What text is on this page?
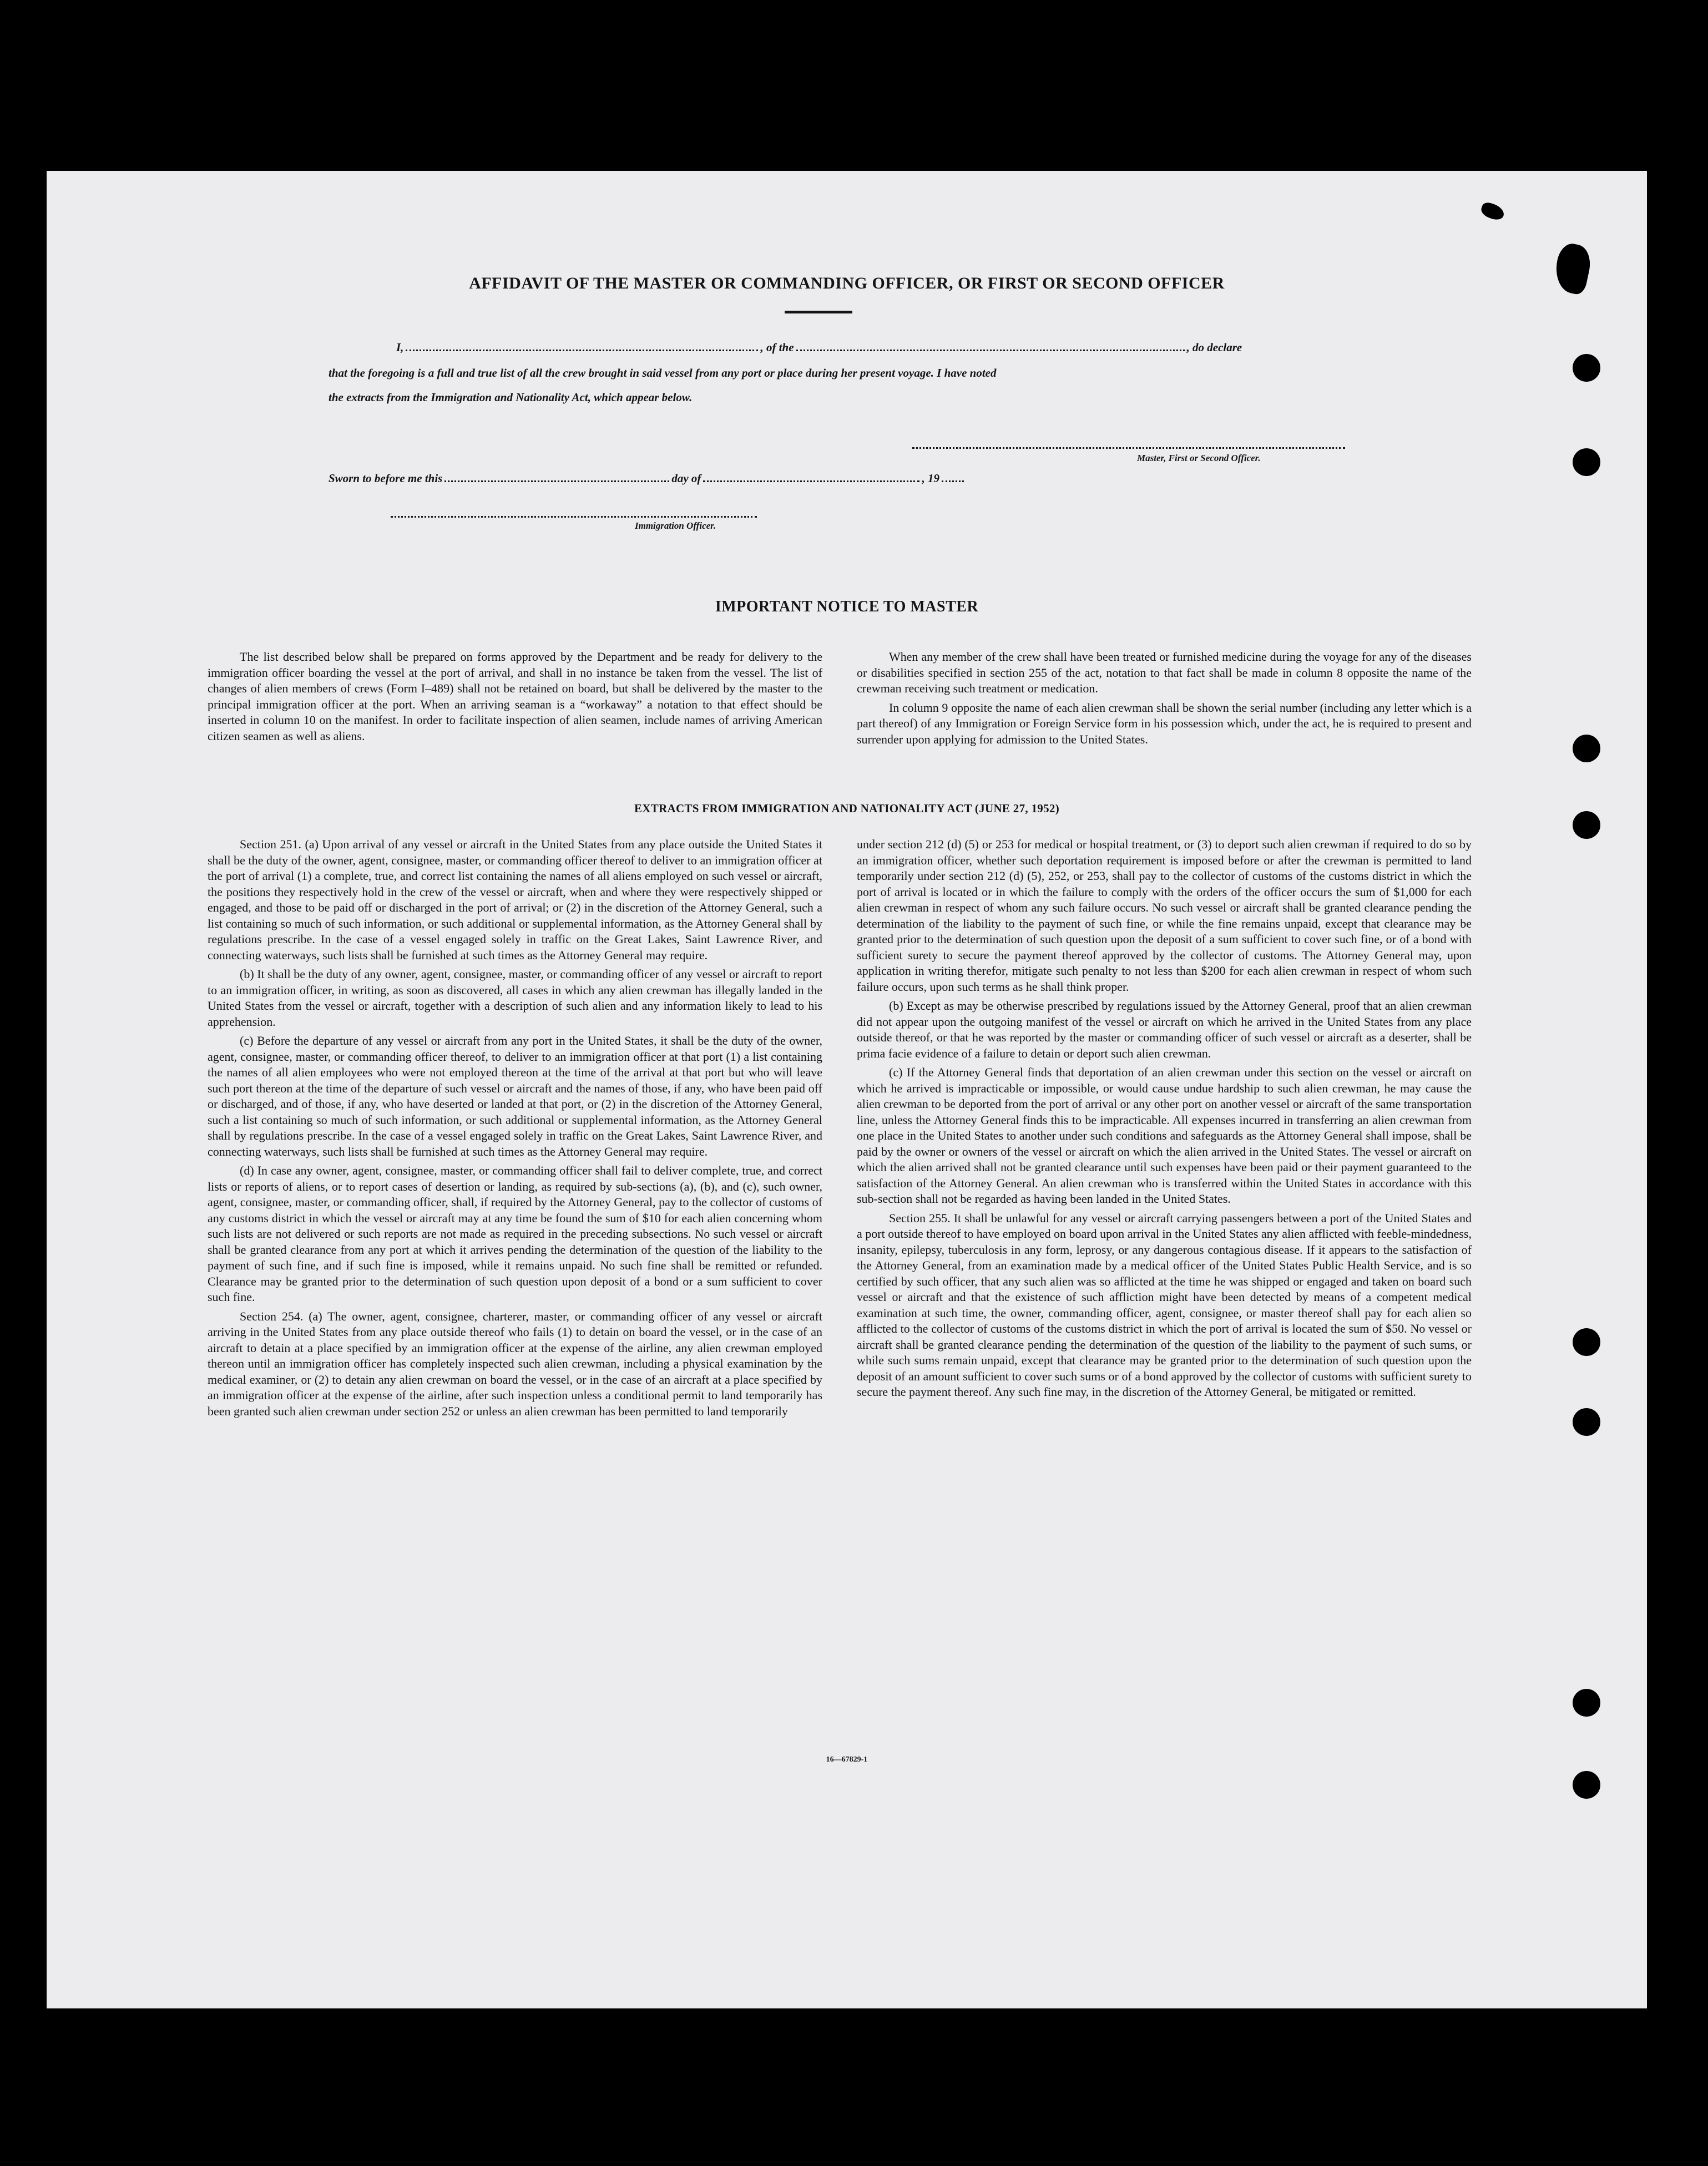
AFFIDAVIT OF THE MASTER OR COMMANDING OFFICER, OR FIRST OR SECOND OFFICER
I,	, of the	, do declare
that the foregoing is a full and true list of all the crew brought in said vessel from any port or place during her present voyage. I have noted
the extracts from the Immigration and Nationality Act, which appear below.
Master, First or Second Officer.
Sworn to before me this	day of	, 19
Immigration Officer.
IMPORTANT NOTICE TO MASTER

The list described below shall be prepared on forms approved by the Department and be ready for delivery to the immigration officer boarding the vessel at the port of arrival, and shall in no instance be taken from the vessel. The list of changes of alien members of crews (Form I–489) shall not be retained on board, but shall be delivered by the master to the principal immigration officer at the port. When an arriving seaman is a “workaway” a notation to that effect should be inserted in column 10 on the manifest. In order to facilitate inspection of alien seamen, include names of arriving American citizen seamen as well as aliens.

When any member of the crew shall have been treated or furnished medicine during the voyage for any of the diseases or disabilities specified in section 255 of the act, notation to that fact shall be made in column 8 opposite the name of the crewman receiving such treatment or medication.

In column 9 opposite the name of each alien crewman shall be shown the serial number (including any letter which is a part thereof) of any Immigration or Foreign Service form in his possession which, under the act, he is required to present and surrender upon applying for admission to the United States.

EXTRACTS FROM IMMIGRATION AND NATIONALITY ACT (JUNE 27, 1952)

Section 251. (a) Upon arrival of any vessel or aircraft in the United States from any place outside the United States it shall be the duty of the owner, agent, consignee, master, or commanding officer thereof to deliver to an immigration officer at the port of arrival (1) a complete, true, and correct list containing the names of all aliens employed on such vessel or aircraft, the positions they respectively hold in the crew of the vessel or aircraft, when and where they were respectively shipped or engaged, and those to be paid off or discharged in the port of arrival; or (2) in the discretion of the Attorney General, such a list containing so much of such information, or such additional or supplemental information, as the Attorney General shall by regulations prescribe. In the case of a vessel engaged solely in traffic on the Great Lakes, Saint Lawrence River, and connecting waterways, such lists shall be furnished at such times as the Attorney General may require.

(b) It shall be the duty of any owner, agent, consignee, master, or commanding officer of any vessel or aircraft to report to an immigration officer, in writing, as soon as discovered, all cases in which any alien crewman has illegally landed in the United States from the vessel or aircraft, together with a description of such alien and any information likely to lead to his apprehension.

(c) Before the departure of any vessel or aircraft from any port in the United States, it shall be the duty of the owner, agent, consignee, master, or commanding officer thereof, to deliver to an immigration officer at that port (1) a list containing the names of all alien employees who were not employed thereon at the time of the arrival at that port but who will leave such port thereon at the time of the departure of such vessel or aircraft and the names of those, if any, who have been paid off or discharged, and of those, if any, who have deserted or landed at that port, or (2) in the discretion of the Attorney General, such a list containing so much of such information, or such additional or supplemental information, as the Attorney General shall by regulations prescribe. In the case of a vessel engaged solely in traffic on the Great Lakes, Saint Lawrence River, and connecting waterways, such lists shall be furnished at such times as the Attorney General may require.

(d) In case any owner, agent, consignee, master, or commanding officer shall fail to deliver complete, true, and correct lists or reports of aliens, or to report cases of desertion or landing, as required by sub-sections (a), (b), and (c), such owner, agent, consignee, master, or commanding officer, shall, if required by the Attorney General, pay to the collector of customs of any customs district in which the vessel or aircraft may at any time be found the sum of $10 for each alien concerning whom such lists are not delivered or such reports are not made as required in the preceding subsections. No such vessel or aircraft shall be granted clearance from any port at which it arrives pending the determination of the question of the liability to the payment of such fine, and if such fine is imposed, while it remains unpaid. No such fine shall be remitted or refunded. Clearance may be granted prior to the determination of such question upon deposit of a bond or a sum sufficient to cover such fine.

Section 254. (a) The owner, agent, consignee, charterer, master, or commanding officer of any vessel or aircraft arriving in the United States from any place outside thereof who fails (1) to detain on board the vessel, or in the case of an aircraft to detain at a place specified by an immigration officer at the expense of the airline, any alien crewman employed thereon until an immigration officer has completely inspected such alien crewman, including a physical examination by the medical examiner, or (2) to detain any alien crewman on board the vessel, or in the case of an aircraft at a place specified by an immigration officer at the expense of the airline, after such inspection unless a conditional permit to land temporarily has been granted such alien crewman under section 252 or unless an alien crewman has been permitted to land temporarily

under section 212 (d) (5) or 253 for medical or hospital treatment, or (3) to deport such alien crewman if required to do so by an immigration officer, whether such deportation requirement is imposed before or after the crewman is permitted to land temporarily under section 212 (d) (5), 252, or 253, shall pay to the collector of customs of the customs district in which the port of arrival is located or in which the failure to comply with the orders of the officer occurs the sum of $1,000 for each alien crewman in respect of whom any such failure occurs. No such vessel or aircraft shall be granted clearance pending the determination of the liability to the payment of such fine, or while the fine remains unpaid, except that clearance may be granted prior to the determination of such question upon the deposit of a sum sufficient to cover such fine, or of a bond with sufficient surety to secure the payment thereof approved by the collector of customs. The Attorney General may, upon application in writing therefor, mitigate such penalty to not less than $200 for each alien crewman in respect of whom such failure occurs, upon such terms as he shall think proper.

(b) Except as may be otherwise prescribed by regulations issued by the Attorney General, proof that an alien crewman did not appear upon the outgoing manifest of the vessel or aircraft on which he arrived in the United States from any place outside thereof, or that he was reported by the master or commanding officer of such vessel or aircraft as a deserter, shall be prima facie evidence of a failure to detain or deport such alien crewman.

(c) If the Attorney General finds that deportation of an alien crewman under this section on the vessel or aircraft on which he arrived is impracticable or impossible, or would cause undue hardship to such alien crewman, he may cause the alien crewman to be deported from the port of arrival or any other port on another vessel or aircraft of the same transportation line, unless the Attorney General finds this to be impracticable. All expenses incurred in transferring an alien crewman from one place in the United States to another under such conditions and safeguards as the Attorney General shall impose, shall be paid by the owner or owners of the vessel or aircraft on which the alien arrived in the United States. The vessel or aircraft on which the alien arrived shall not be granted clearance until such expenses have been paid or their payment guaranteed to the satisfaction of the Attorney General. An alien crewman who is transferred within the United States in accordance with this sub-section shall not be regarded as having been landed in the United States.

Section 255. It shall be unlawful for any vessel or aircraft carrying passengers between a port of the United States and a port outside thereof to have employed on board upon arrival in the United States any alien afflicted with feeble-mindedness, insanity, epilepsy, tuberculosis in any form, leprosy, or any dangerous contagious disease. If it appears to the satisfaction of the Attorney General, from an examination made by a medical officer of the United States Public Health Service, and is so certified by such officer, that any such alien was so afflicted at the time he was shipped or engaged and taken on board such vessel or aircraft and that the existence of such affliction might have been detected by means of a competent medical examination at such time, the owner, commanding officer, agent, consignee, or master thereof shall pay for each alien so afflicted to the collector of customs of the customs district in which the port of arrival is located the sum of $50. No vessel or aircraft shall be granted clearance pending the determination of the question of the liability to the payment of such sums, or while such sums remain unpaid, except that clearance may be granted prior to the determination of such question upon the deposit of an amount sufficient to cover such sums or of a bond approved by the collector of customs with sufficient surety to secure the payment thereof. Any such fine may, in the discretion of the Attorney General, be mitigated or remitted.

16—67829-1
